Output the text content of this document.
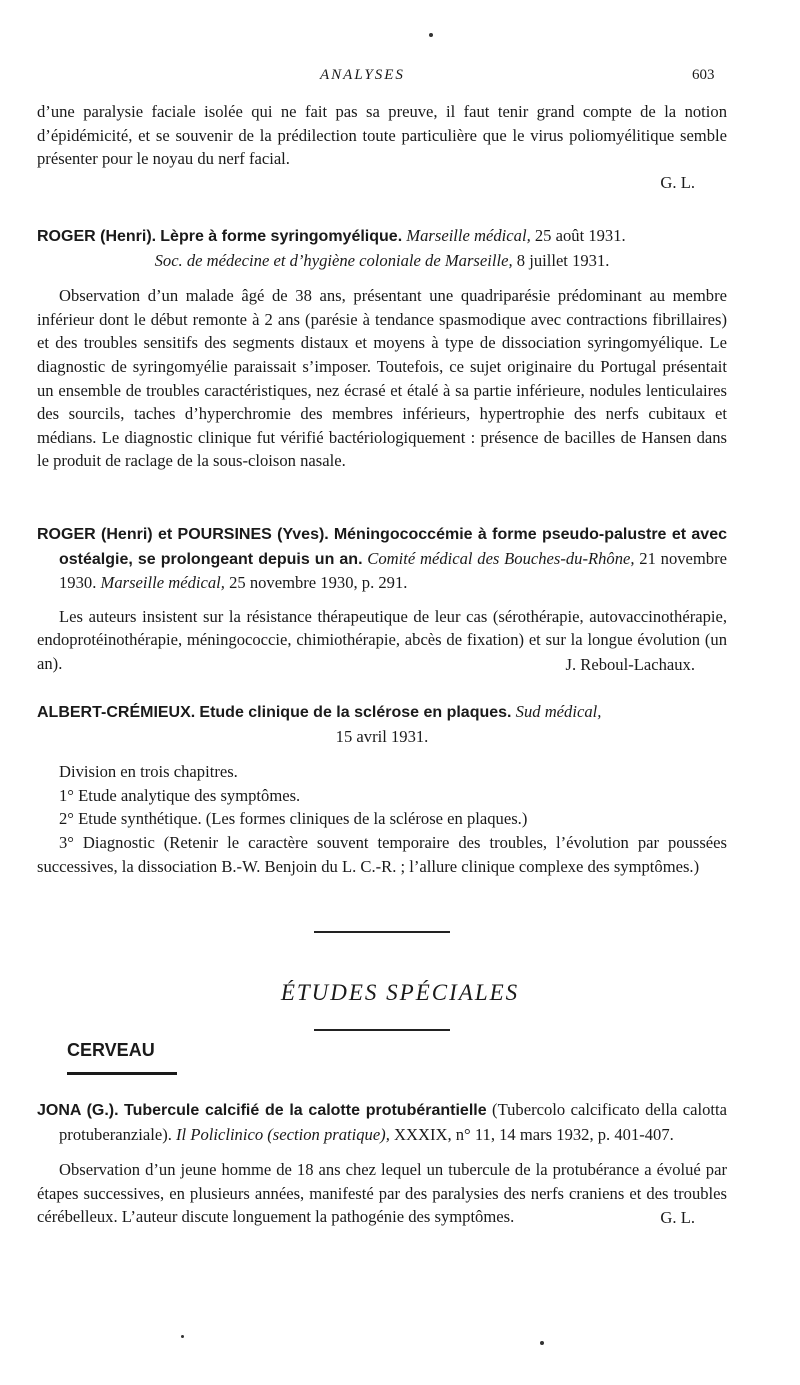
ANALYSES	603
d’une paralysie faciale isolée qui ne fait pas sa preuve, il faut tenir grand compte de la notion d’épidémicité, et se souvenir de la prédilection toute particulière que le virus poliomyélitique semble présenter pour le noyau du nerf facial.
G. L.
ROGER (Henri). Lèpre à forme syringomyélique. Marseille médical, 25 août 1931.
Soc. de médecine et d’hygiène coloniale de Marseille, 8 juillet 1931.
Observation d’un malade âgé de 38 ans, présentant une quadriparésie prédominant au membre inférieur dont le début remonte à 2 ans (parésie à tendance spasmodique avec contractions fibrillaires) et des troubles sensitifs des segments distaux et moyens à type de dissociation syringomyélique. Le diagnostic de syringomyélie paraissait s’imposer. Toutefois, ce sujet originaire du Portugal présentait un ensemble de troubles caractéristiques, nez écrasé et étalé à sa partie inférieure, nodules lenticulaires des sourcils, taches d’hyperchromie des membres inférieurs, hypertrophie des nerfs cubitaux et médians. Le diagnostic clinique fut vérifié bactériologiquement : présence de bacilles de Hansen dans le produit de raclage de la sous-cloison nasale.
ROGER (Henri) et POURSINES (Yves). Méningococcémie à forme pseudo-palustre et avec ostéalgie, se prolongeant depuis un an. Comité médical des Bouches-du-Rhône, 21 novembre 1930. Marseille médical, 25 novembre 1930, p. 291.
Les auteurs insistent sur la résistance thérapeutique de leur cas (sérothérapie, autovaccinothérapie, endoprotéinothérapie, méningococcie, chimiothérapie, abcès de fixation) et sur la longue évolution (un an).	J. Reboul-Lachaux.
ALBERT-CRÉMIEUX. Etude clinique de la sclérose en plaques. Sud médical,
15 avril 1931.

Division en trois chapitres.

1° Etude analytique des symptômes.

2° Etude synthétique. (Les formes cliniques de la sclérose en plaques.)

3° Diagnostic (Retenir le caractère souvent temporaire des troubles, l’évolution par poussées successives, la dissociation B.-W. Benjoin du L. C.-R. ; l’allure clinique complexe des symptômes.)

ÉTUDES SPÉCIALES
CERVEAU
JONA (G.). Tubercule calcifié de la calotte protubérantielle (Tubercolo calcificato della calotta protuberanziale). Il Policlinico (section pratique), XXXIX, n° 11, 14 mars 1932, p. 401-407.
Observation d’un jeune homme de 18 ans chez lequel un tubercule de la protubérance a évolué par étapes successives, en plusieurs années, manifesté par des paralysies des nerfs craniens et des troubles cérébelleux. L’auteur discute longuement la pathogénie des symptômes.	G. L.
